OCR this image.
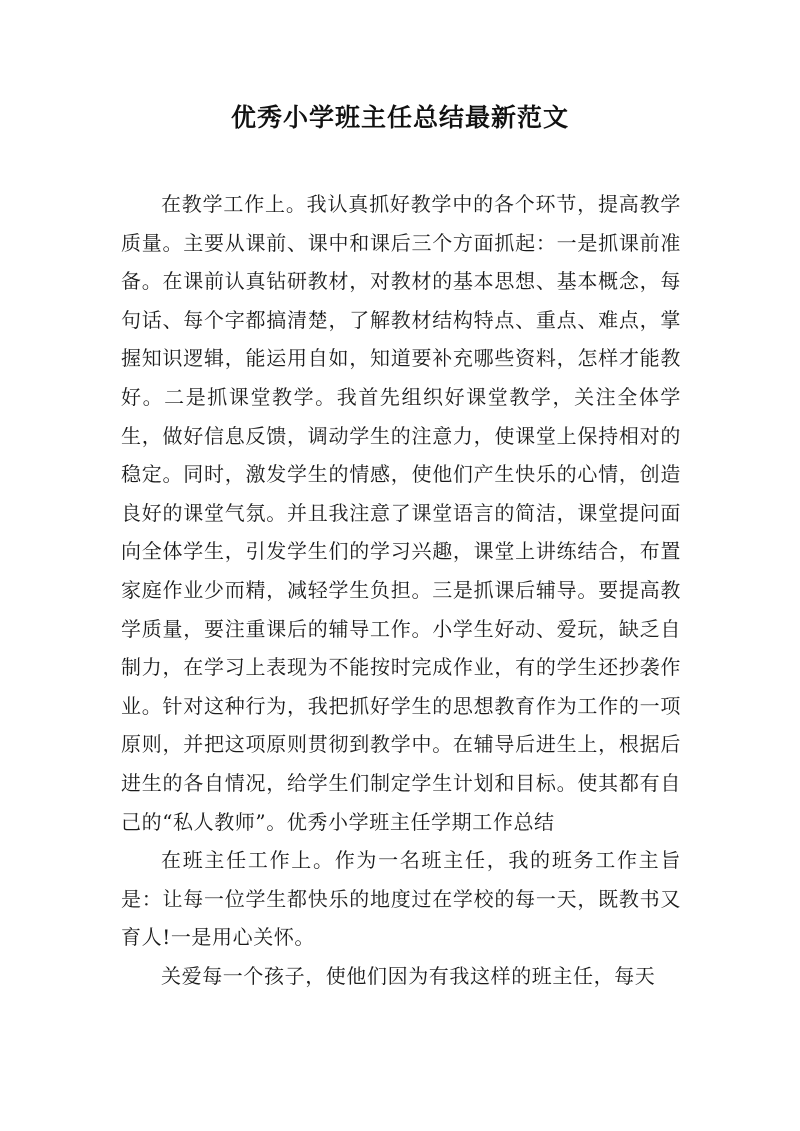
优秀小学班主任总结最新范文

在教学工作上。我认真抓好教学中的各个环节，提高教学质量。主要从课前、课中和课后三个方面抓起：一是抓课前准备。在课前认真钻研教材，对教材的基本思想、基本概念，每句话、每个字都搞清楚，了解教材结构特点、重点、难点，掌握知识逻辑，能运用自如，知道要补充哪些资料，怎样才能教好。二是抓课堂教学。我首先组织好课堂教学，关注全体学生，做好信息反馈，调动学生的注意力，使课堂上保持相对的稳定。同时，激发学生的情感，使他们产生快乐的心情，创造良好的课堂气氛。并且我注意了课堂语言的简洁，课堂提问面向全体学生，引发学生们的学习兴趣，课堂上讲练结合，布置家庭作业少而精，减轻学生负担。三是抓课后辅导。要提高教学质量，要注重课后的辅导工作。小学生好动、爱玩，缺乏自制力，在学习上表现为不能按时完成作业，有的学生还抄袭作业。针对这种行为，我把抓好学生的思想教育作为工作的一项原则，并把这项原则贯彻到教学中。在辅导后进生上，根据后进生的各自情况，给学生们制定学生计划和目标。使其都有自己的“私人教师”。优秀小学班主任学期工作总结

在班主任工作上。作为一名班主任，我的班务工作主旨是：让每一位学生都快乐的地度过在学校的每一天，既教书又育人!一是用心关怀。

关爱每一个孩子，使他们因为有我这样的班主任，每天
